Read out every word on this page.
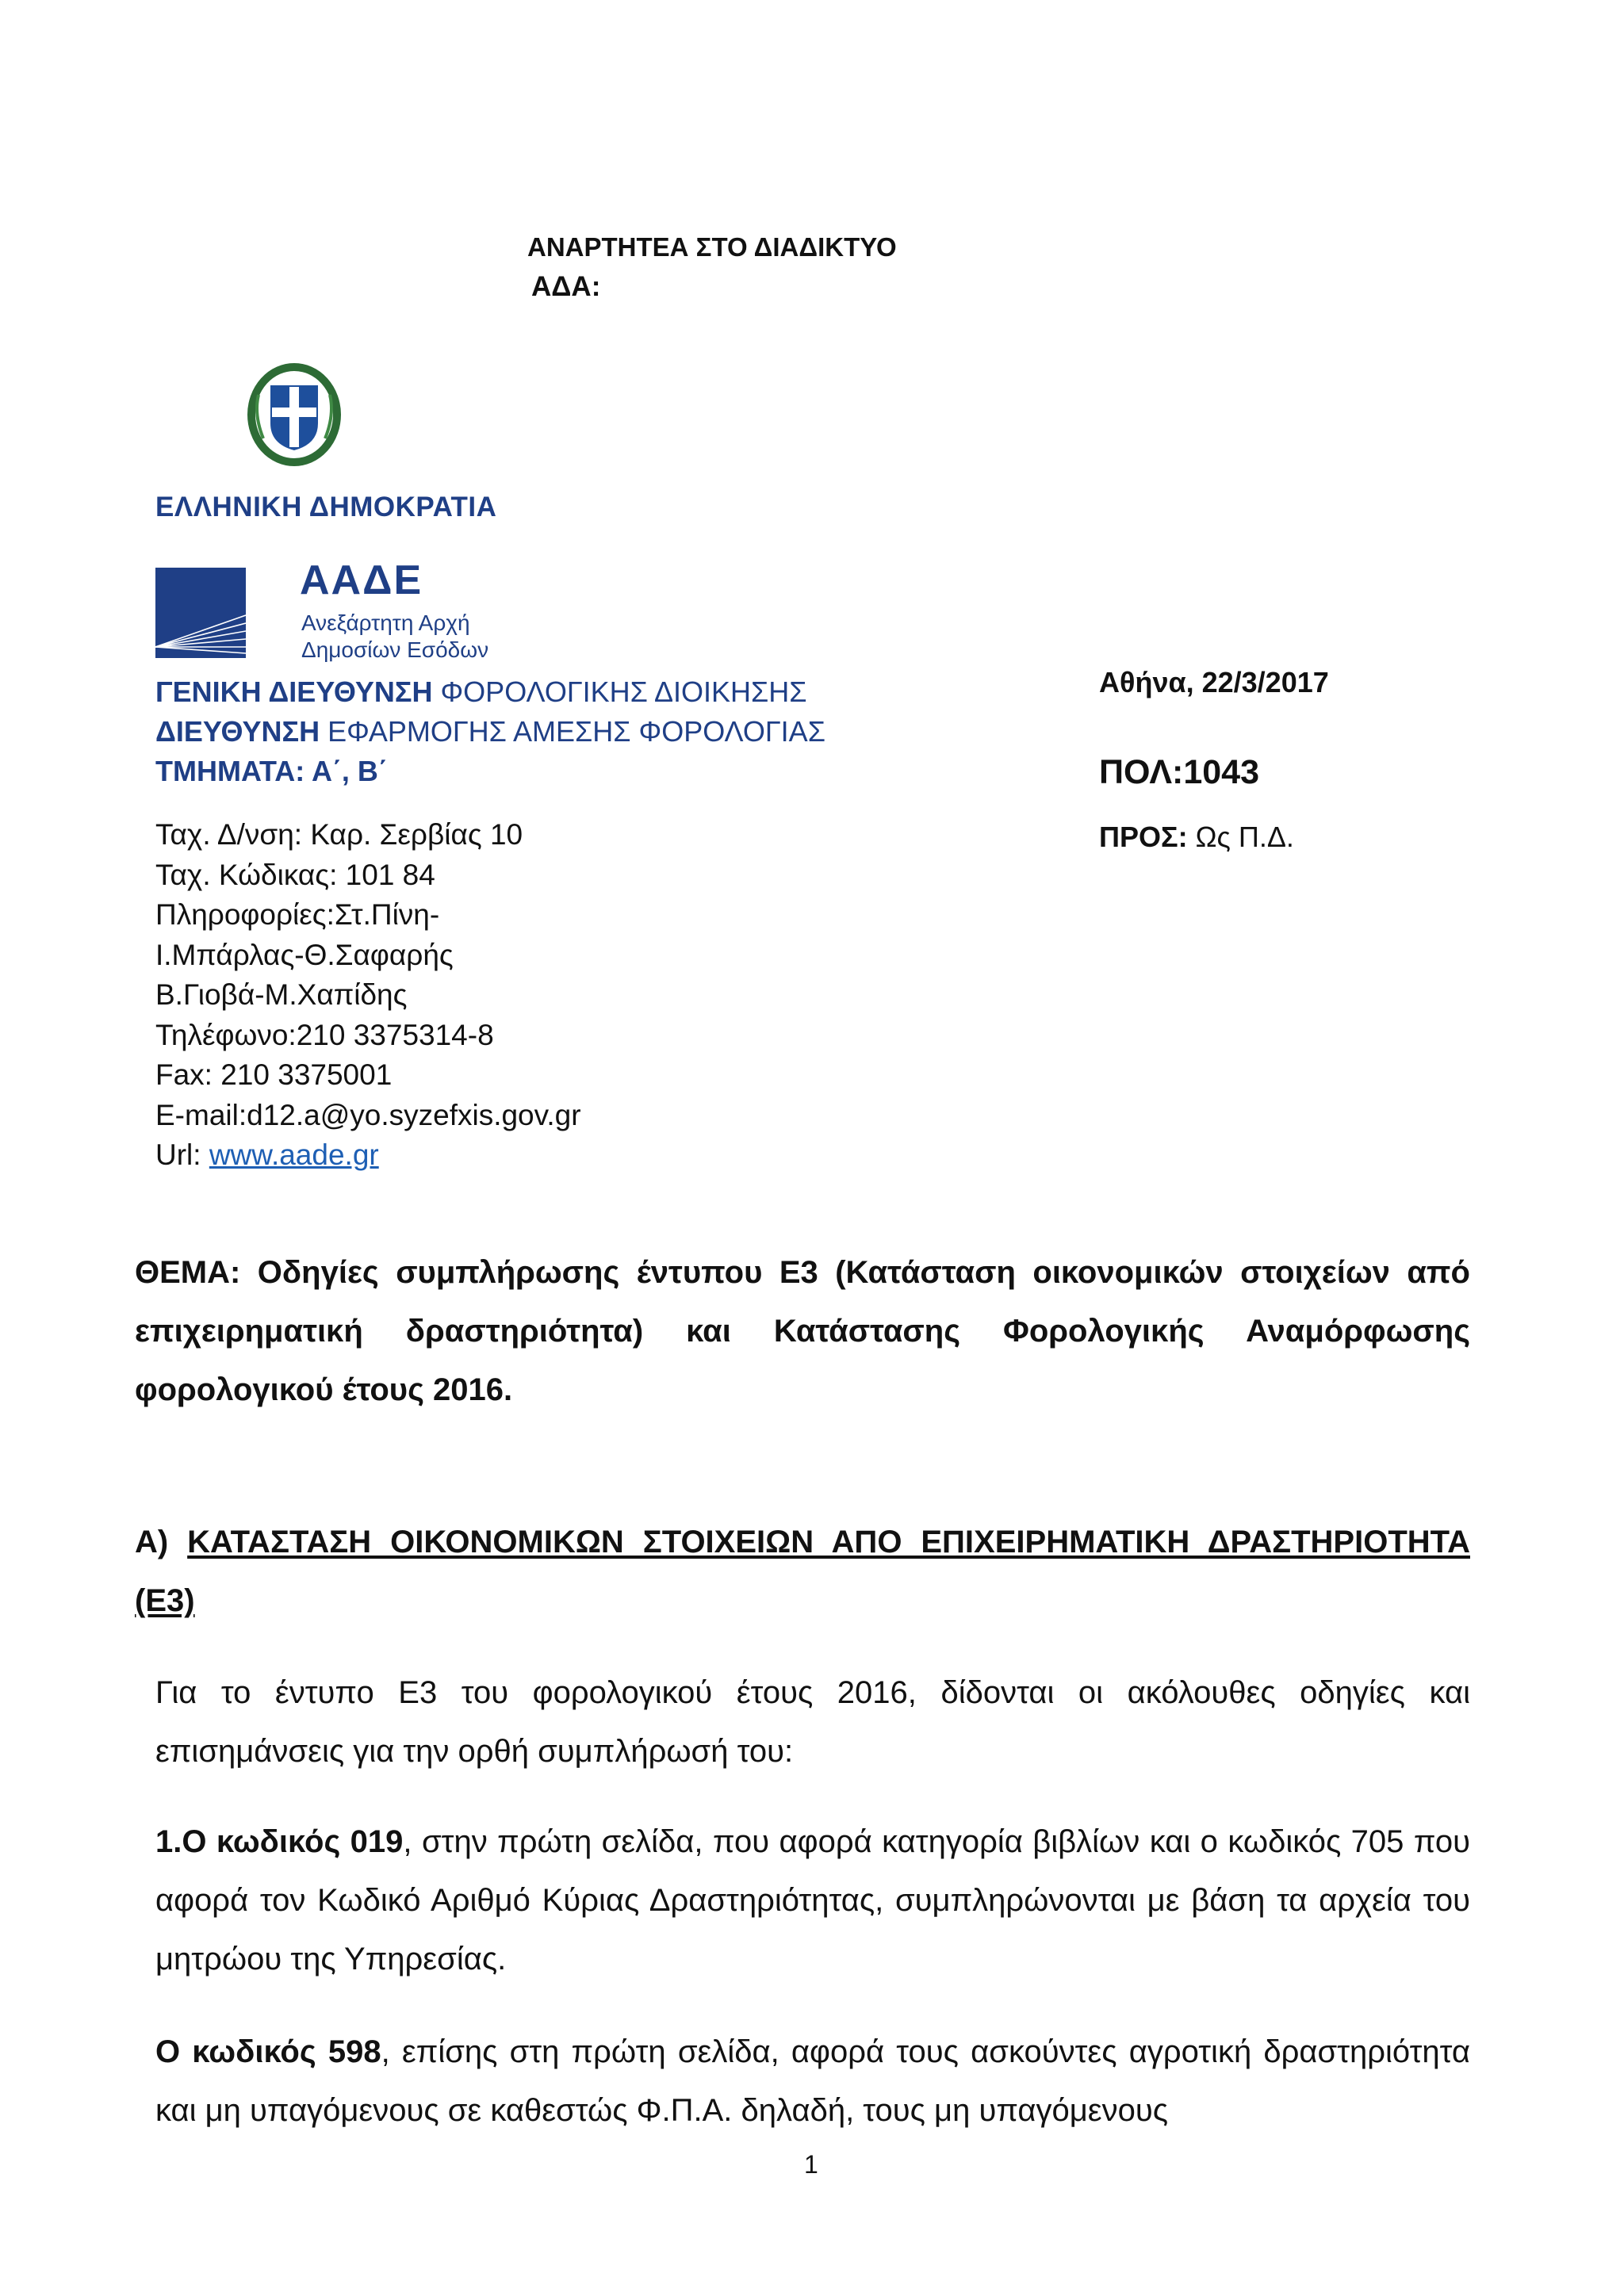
ΑΝΑΡΤΗΤΕΑ ΣΤΟ ΔΙΑΔΙΚΤΥΟ
ΑΔΑ:
ΕΛΛΗΝΙΚΗ ΔΗΜΟΚΡΑΤΙΑ
ΑΑΔΕ
Ανεξάρτητη Αρχή
Δημοσίων Εσόδων
ΓΕΝΙΚΗ ΔΙΕΥΘΥΝΣΗ ΦΟΡΟΛΟΓΙΚΗΣ ΔΙΟΙΚΗΣΗΣ
ΔΙΕΥΘΥΝΣΗ ΕΦΑΡΜΟΓΗΣ ΑΜΕΣΗΣ ΦΟΡΟΛΟΓΙΑΣ
ΤΜΗΜΑΤΑ: Α΄, Β΄
Ταχ. Δ/νση: Καρ. Σερβίας 10
Ταχ. Κώδικας: 101 84
Πληροφορίες:Στ.Πίνη-
Ι.Μπάρλας-Θ.Σαφαρής
Β.Γιοβά-Μ.Χαπίδης
Τηλέφωνο:210 3375314-8
Fax: 210 3375001
E-mail:d12.a@yo.syzefxis.gov.gr
Url: www.aade.gr
Αθήνα, 22/3/2017
ΠΟΛ:1043
ΠΡΟΣ: Ως Π.Δ.
ΘΕΜΑ: Οδηγίες συμπλήρωσης έντυπου Ε3 (Κατάσταση οικονομικών στοιχείων από επιχειρηματική δραστηριότητα) και Κατάστασης Φορολογικής Αναμόρφωσης φορολογικού έτους 2016.
Α) ΚΑΤΑΣΤΑΣΗ ΟΙΚΟΝΟΜΙΚΩΝ ΣΤΟΙΧΕΙΩΝ ΑΠΟ ΕΠΙΧΕΙΡΗΜΑΤΙΚΗ ΔΡΑΣΤΗΡΙΟΤΗΤΑ (Ε3)
Για το έντυπο Ε3 του φορολογικού έτους 2016, δίδονται οι ακόλουθες οδηγίες και επισημάνσεις για την ορθή συμπλήρωσή του:
1.Ο κωδικός 019, στην πρώτη σελίδα, που αφορά κατηγορία βιβλίων και ο κωδικός 705 που αφορά τον Κωδικό Αριθμό Κύριας Δραστηριότητας, συμπληρώνονται με βάση τα αρχεία του μητρώου της Υπηρεσίας.
Ο κωδικός 598, επίσης στη πρώτη σελίδα, αφορά τους ασκούντες αγροτική δραστηριότητα και μη υπαγόμενους σε καθεστώς Φ.Π.Α. δηλαδή, τους μη υπαγόμενους
1
